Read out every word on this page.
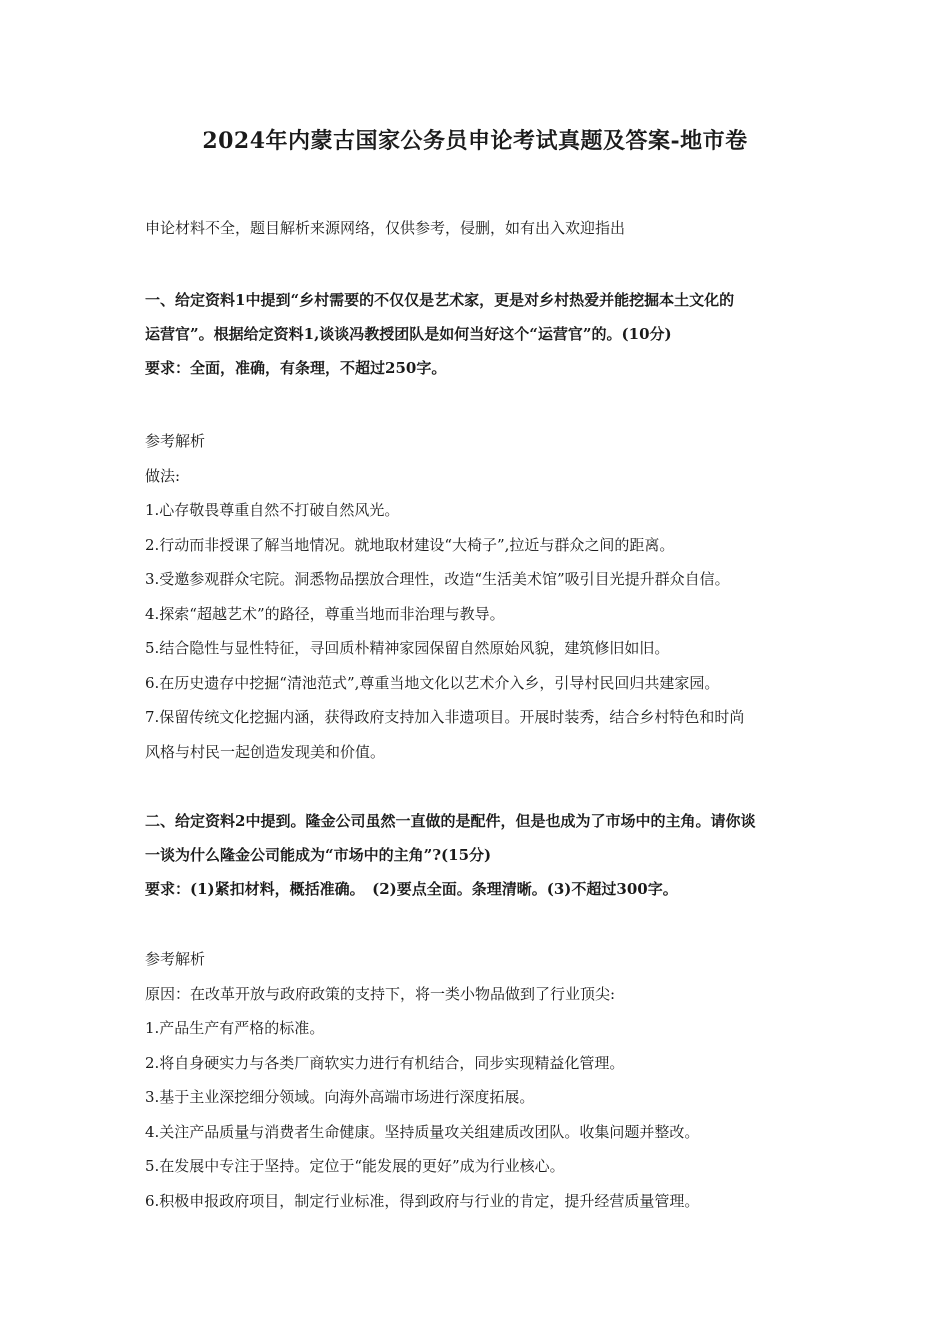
2024年内蒙古国家公务员申论考试真题及答案-地市卷
申论材料不全，题目解析来源网络，仅供参考，侵删，如有出入欢迎指出
一、给定资料1中提到“乡村需要的不仅仅是艺术家，更是对乡村热爱并能挖掘本土文化的
运营官”。根据给定资料1,谈谈冯教授团队是如何当好这个“运营官”的。(10分)
要求：全面，准确，有条理，不超过250字。
参考解析
做法:
1.心存敬畏尊重自然不打破自然风光。
2.行动而非授课了解当地情况。就地取材建设“大椅子”,拉近与群众之间的距离。
3.受邀参观群众宅院。洞悉物品摆放合理性，改造“生活美术馆”吸引目光提升群众自信。
4.探索“超越艺术”的路径，尊重当地而非治理与教导。
5.结合隐性与显性特征，寻回质朴精神家园保留自然原始风貌，建筑修旧如旧。
6.在历史遗存中挖掘“清池范式”,尊重当地文化以艺术介入乡，引导村民回归共建家园。
7.保留传统文化挖掘内涵，获得政府支持加入非遗项目。开展时装秀，结合乡村特色和时尚
风格与村民一起创造发现美和价值。
二、给定资料2中提到。隆金公司虽然一直做的是配件，但是也成为了市场中的主角。请你谈
一谈为什么隆金公司能成为“市场中的主角”?(15分)
要求：(1)紧扣材料，概括准确。　(2)要点全面。条理清晰。(3)不超过300字。
参考解析
原因：在改革开放与政府政策的支持下，将一类小物品做到了行业顶尖:
1.产品生产有严格的标准。
2.将自身硬实力与各类厂商软实力进行有机结合，同步实现精益化管理。
3.基于主业深挖细分领域。向海外高端市场进行深度拓展。
4.关注产品质量与消费者生命健康。坚持质量攻关组建质改团队。收集问题并整改。
5.在发展中专注于坚持。定位于“能发展的更好”成为行业核心。
6.积极申报政府项目，制定行业标准，得到政府与行业的肯定，提升经营质量管理。
